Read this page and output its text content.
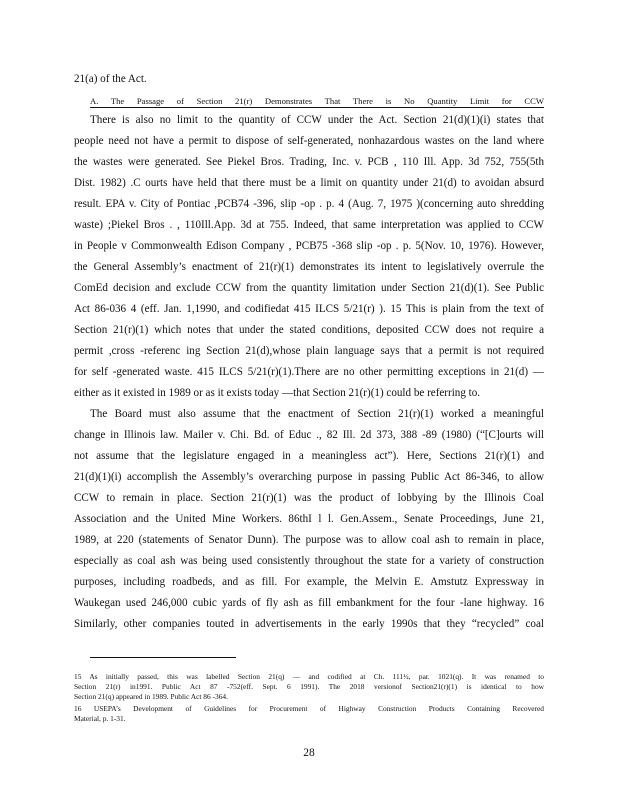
21(a) of the Act.
A. The Passage of Section 21(r) Demonstrates That There is No Quantity Limit for CCW
There is also no limit to the quantity of CCW under the Act. Section 21(d)(1)(i) states that
people need not have a permit to dispose of self-generated, nonhazardous wastes on the land where
the wastes were generated. See Piekel Bros. Trading, Inc. v. PCB , 110 Ill. App. 3d 752, 755(5th
Dist. 1982) .C ourts have held that there must be a limit on quantity under 21(d) to avoidan absurd
result. EPA v. City of Pontiac ,PCB74 -396, slip -op . p. 4 (Aug. 7, 1975 )(concerning auto shredding
waste) ;Piekel Bros . , 110Ill.App. 3d at 755. Indeed, that same interpretation was applied to CCW
in People v Commonwealth Edison Company , PCB75 -368 slip -op . p. 5(Nov. 10, 1976). However,
the General Assembly’s enactment of 21(r)(1) demonstrates its intent to legislatively overrule the
ComEd decision and exclude CCW from the quantity limitation under Section 21(d)(1). See Public
Act 86-036 4 (eff. Jan. 1,1990, and codifiedat 415 ILCS 5/21(r) ). 15 This is plain from the text of
Section 21(r)(1) which notes that under the stated conditions, deposited CCW does not require a
permit ,cross -referenc ing Section 21(d),whose plain language says that a permit is not required
for self -generated waste. 415 ILCS 5/21(r)(1).There are no other permitting exceptions in 21(d) —
either as it existed in 1989 or as it exists today —that Section 21(r)(1) could be referring to.
The Board must also assume that the enactment of Section 21(r)(1) worked a meaningful
change in Illinois law. Mailer v. Chi. Bd. of Educ ., 82 Ill. 2d 373, 388 -89 (1980) (“[C]ourts will
not assume that the legislature engaged in a meaningless act”). Here, Sections 21(r)(1) and
21(d)(1)(i) accomplish the Assembly’s overarching purpose in passing Public Act 86-346, to allow
CCW to remain in place. Section 21(r)(1) was the product of lobbying by the Illinois Coal
Association and the United Mine Workers. 86thI l l. Gen.Assem., Senate Proceedings, June 21,
1989, at 220 (statements of Senator Dunn). The purpose was to allow coal ash to remain in place,
especially as coal ash was being used consistently throughout the state for a variety of construction
purposes, including roadbeds, and as fill. For example, the Melvin E. Amstutz Expressway in
Waukegan used 246,000 cubic yards of fly ash as fill embankment for the four -lane highway. 16
Similarly, other companies touted in advertisements in the early 1990s that they “recycled” coal
15 As initially passed, this was labelled Section 21(q) — and codified at Ch. 111½, par. 1021(q). It was renamed to
Section 21(r) in1991. Public Act 87 -752(eff. Sept. 6 1991). The 2018 versionof Section21(r)(1) is identical to how
Section 21(q) appeared in 1989. Public Act 86 -364.
16 USEPA’s Development of Guidelines for Procurement of Highway Construction Products Containing Recovered
Material, p. 1-31.
28
